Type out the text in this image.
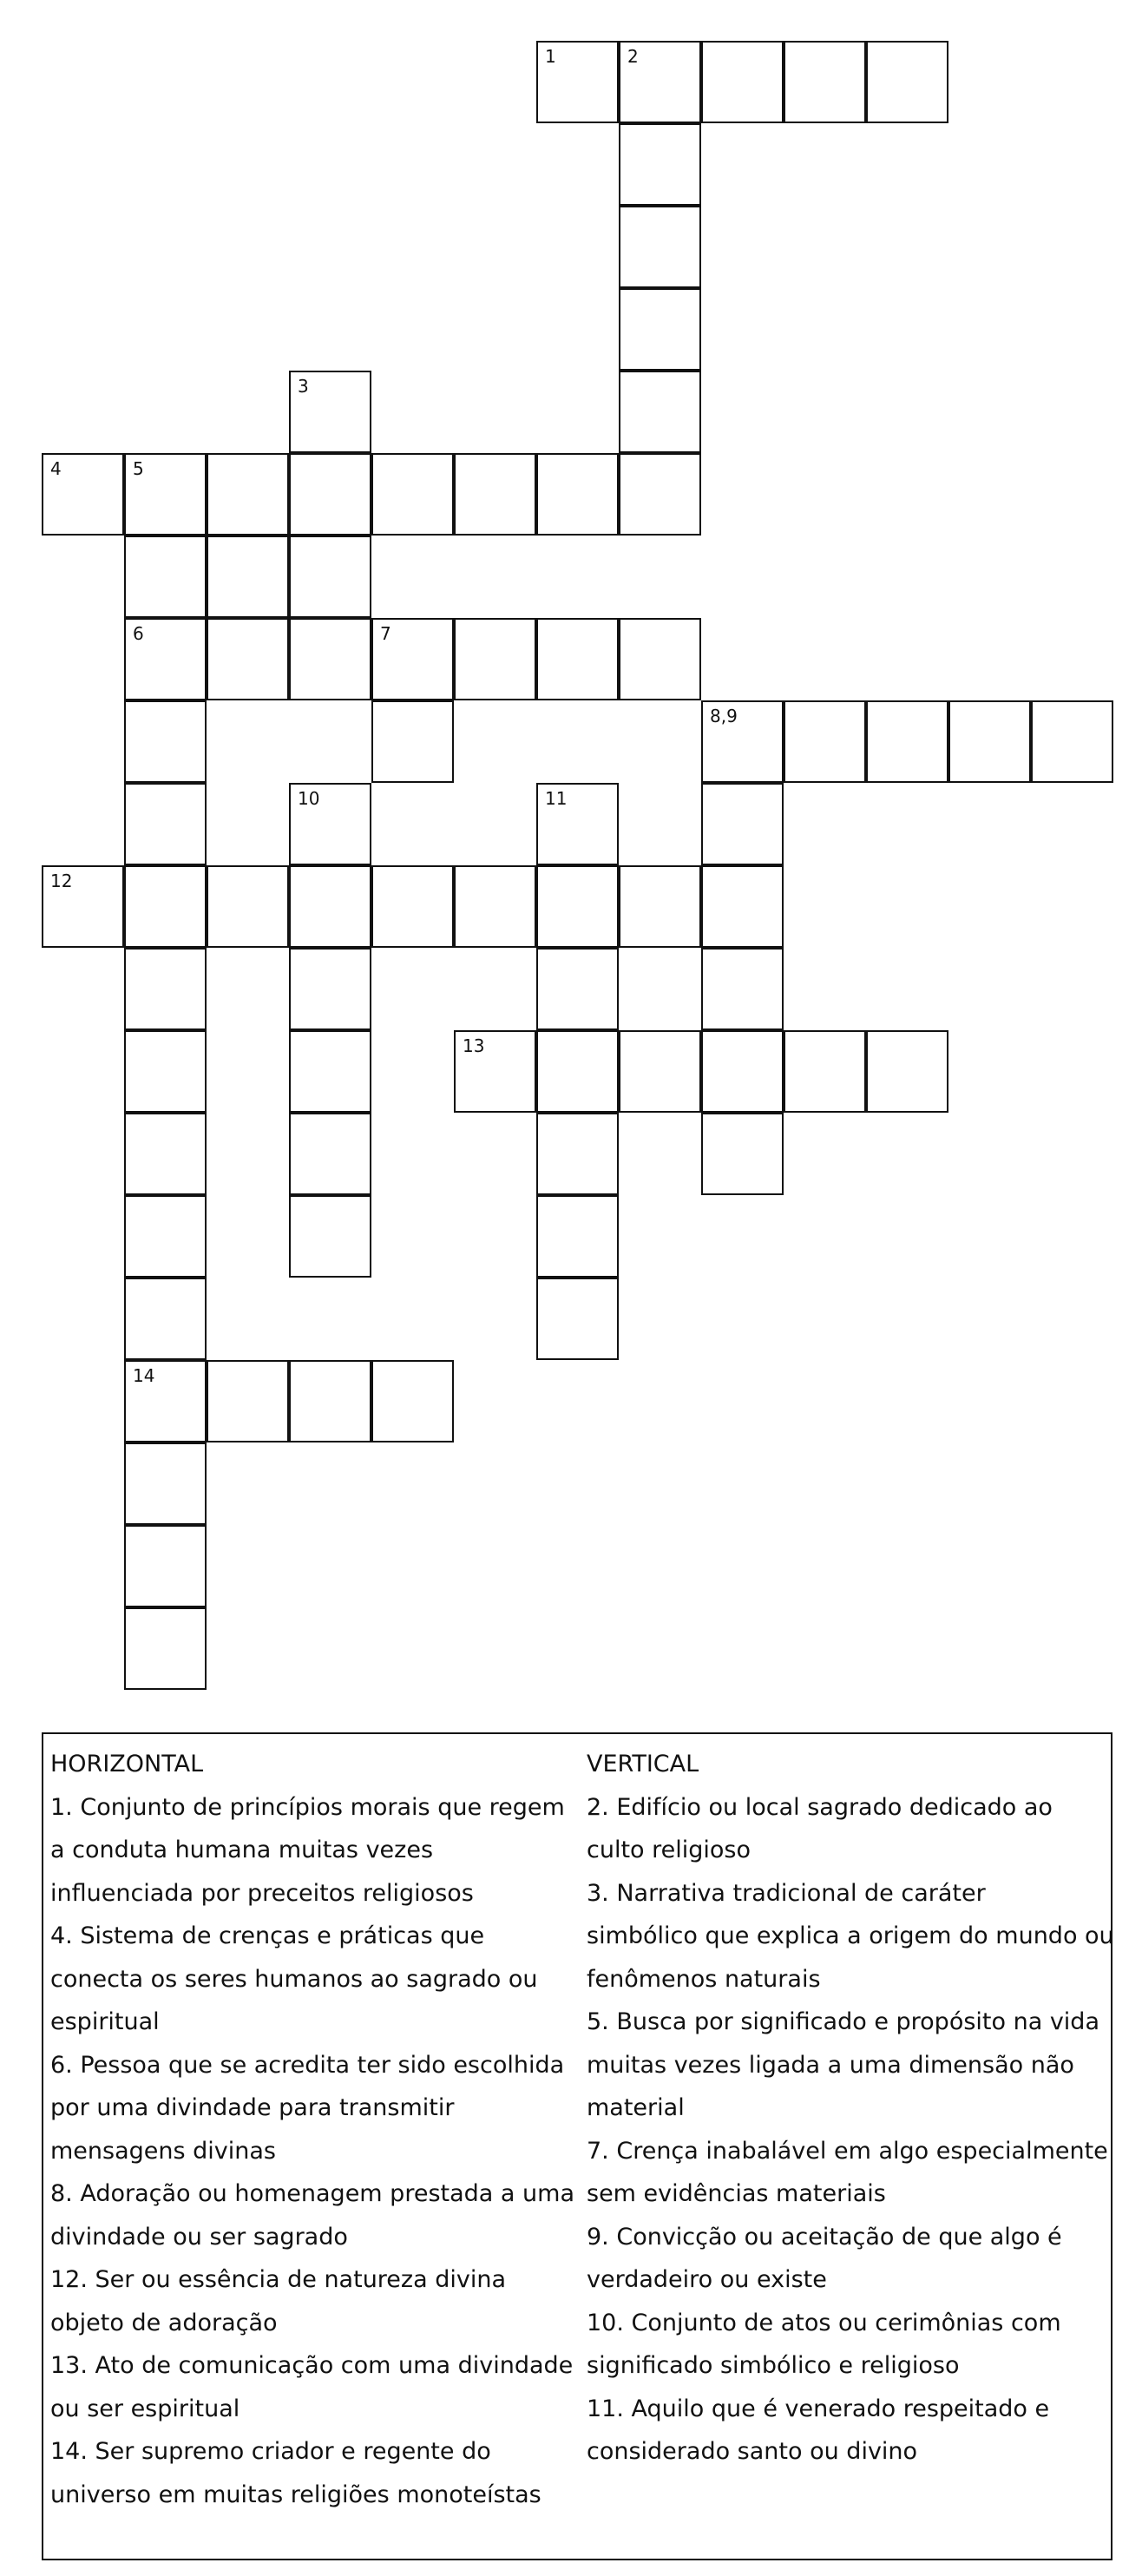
1	2
3
4	5
6	7
8,9
10	11
12
13
14
HORIZONTAL
1. Conjunto de princípios morais que regem
a conduta humana muitas vezes
influenciada por preceitos religiosos
4. Sistema de crenças e práticas que
conecta os seres humanos ao sagrado ou
espiritual
6. Pessoa que se acredita ter sido escolhida
por uma divindade para transmitir
mensagens divinas
8. Adoração ou homenagem prestada a uma
divindade ou ser sagrado
12. Ser ou essência de natureza divina
objeto de adoração
13. Ato de comunicação com uma divindade
ou ser espiritual
14. Ser supremo criador e regente do
universo em muitas religiões monoteístas
VERTICAL
2. Edifício ou local sagrado dedicado ao
culto religioso
3. Narrativa tradicional de caráter
simbólico que explica a origem do mundo ou
fenômenos naturais
5. Busca por significado e propósito na vida
muitas vezes ligada a uma dimensão não
material
7. Crença inabalável em algo especialmente
sem evidências materiais
9. Convicção ou aceitação de que algo é
verdadeiro ou existe
10. Conjunto de atos ou cerimônias com
significado simbólico e religioso
11. Aquilo que é venerado respeitado e
considerado santo ou divino
